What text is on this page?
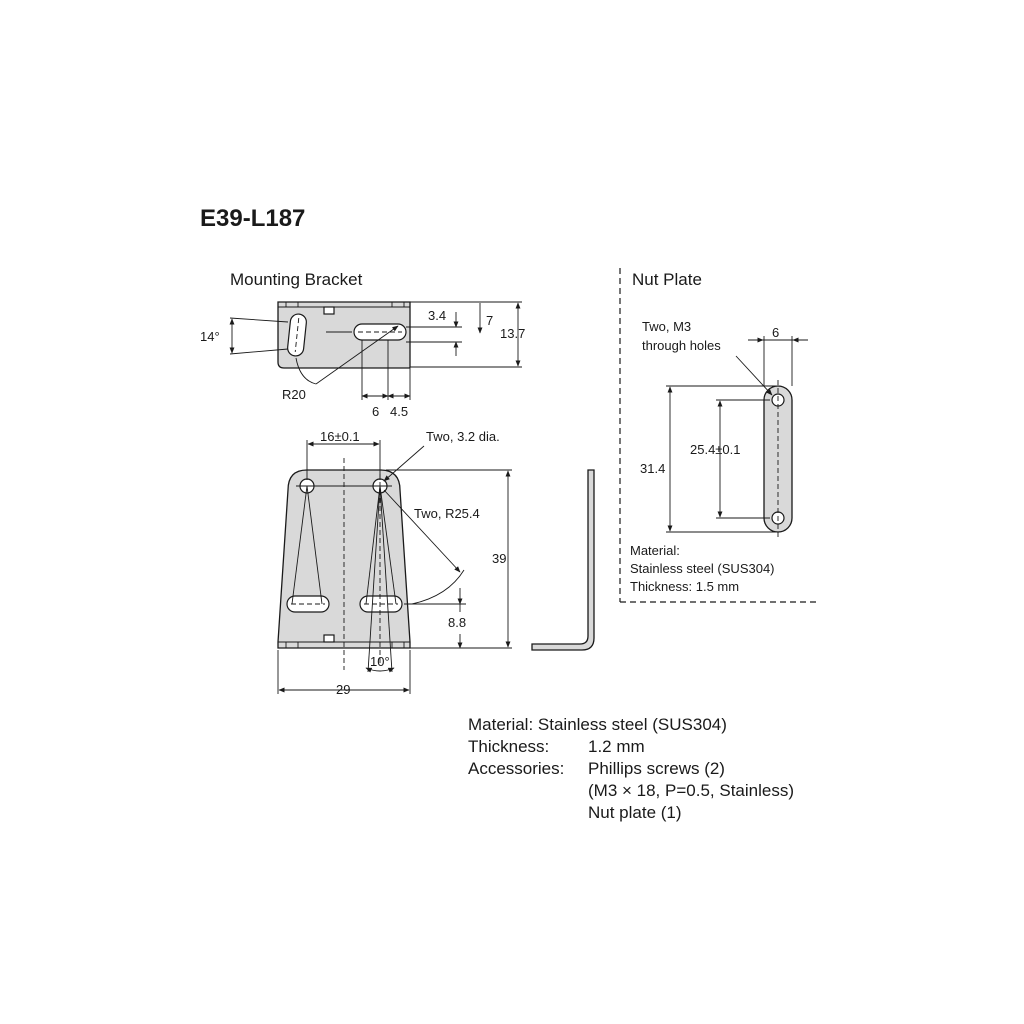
E39-L187
Mounting Bracket	Nut Plate
14°
R20
3.4	7
13.7
6 4.5
16±0.1	Two, 3.2 dia.
Two, R25.4
39
8.8
10°
29
Two, M3
through holes
6
25.4±0.1
31.4
Material:
Stainless steel (SUS304)
Thickness: 1.5 mm
Material: Stainless steel (SUS304)
Thickness: 1.2 mm
Accessories: Phillips screws (2)
(M3 × 18, P=0.5, Stainless)
Nut plate (1)
